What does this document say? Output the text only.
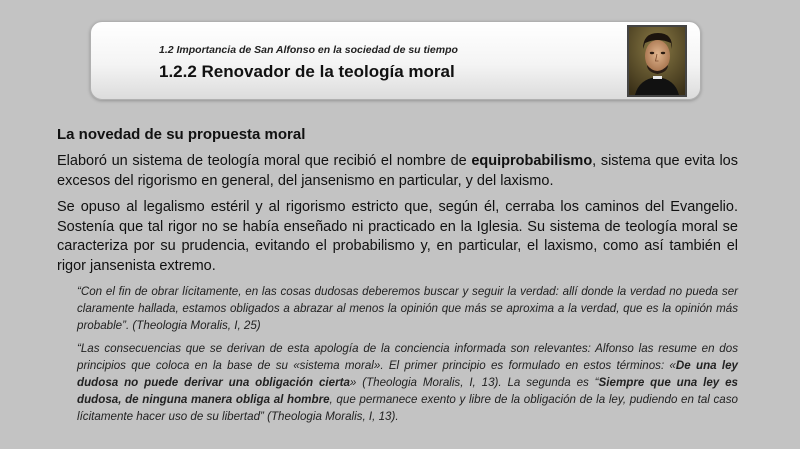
1.2 Importancia de San Alfonso en la sociedad de su tiempo
1.2.2 Renovador de la teología moral
La novedad de su propuesta moral

Elaboró un sistema de teología moral que recibió el nombre de equiprobabilismo, sistema que evita los excesos del rigorismo en general, del jansenismo en particular, y del laxismo.

Se opuso al legalismo estéril y al rigorismo estricto que, según él, cerraba los caminos del Evangelio. Sostenía que tal rigor no se había enseñado ni practicado en la Iglesia. Su sistema de teología moral se caracteriza por su prudencia, evitando el probabilismo y, en particular, el laxismo, como así también el rigor jansenista extremo.

“Con el fin de obrar lícitamente, en las cosas dudosas deberemos buscar y seguir la verdad: allí donde la verdad no pueda ser claramente hallada, estamos obligados a abrazar al menos la opinión que más se aproxima a la verdad, que es la opinión más probable”. (Theologia Moralis, I, 25)

“Las consecuencias que se derivan de esta apología de la conciencia informada son relevantes: Alfonso las resume en dos principios que coloca en la base de su «sistema moral». El primer principio es formulado en estos términos: «De una ley dudosa no puede derivar una obligación cierta» (Theologia Moralis, I, 13). La segunda es “Siempre que una ley es dudosa, de ninguna manera obliga al hombre, que permanece exento y libre de la obligación de la ley, pudiendo en tal caso lícitamente hacer uso de su libertad” (Theologia Moralis, I, 13).
